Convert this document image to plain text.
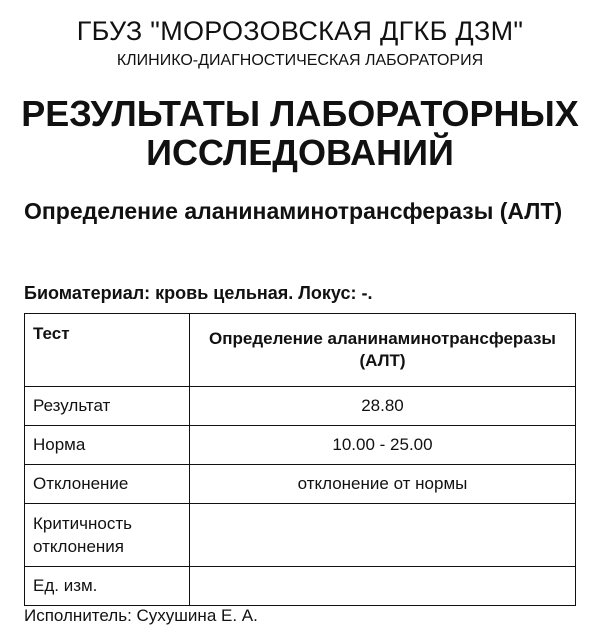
ГБУЗ "МОРОЗОВСКАЯ ДГКБ ДЗМ"
КЛИНИКО-ДИАГНОСТИЧЕСКАЯ ЛАБОРАТОРИЯ
РЕЗУЛЬТАТЫ ЛАБОРАТОРНЫХ ИССЛЕДОВАНИЙ
Определение аланинаминотрансферазы (АЛТ)
Биоматериал: кровь цельная. Локус: -.
Тест	Определение аланинаминотрансферазы (АЛТ)
Результат	28.80
Норма	10.00 - 25.00
Отклонение	отклонение от нормы
Критичность отклонения	
Ед. изм.	
Исполнитель: Сухушина Е. А.
